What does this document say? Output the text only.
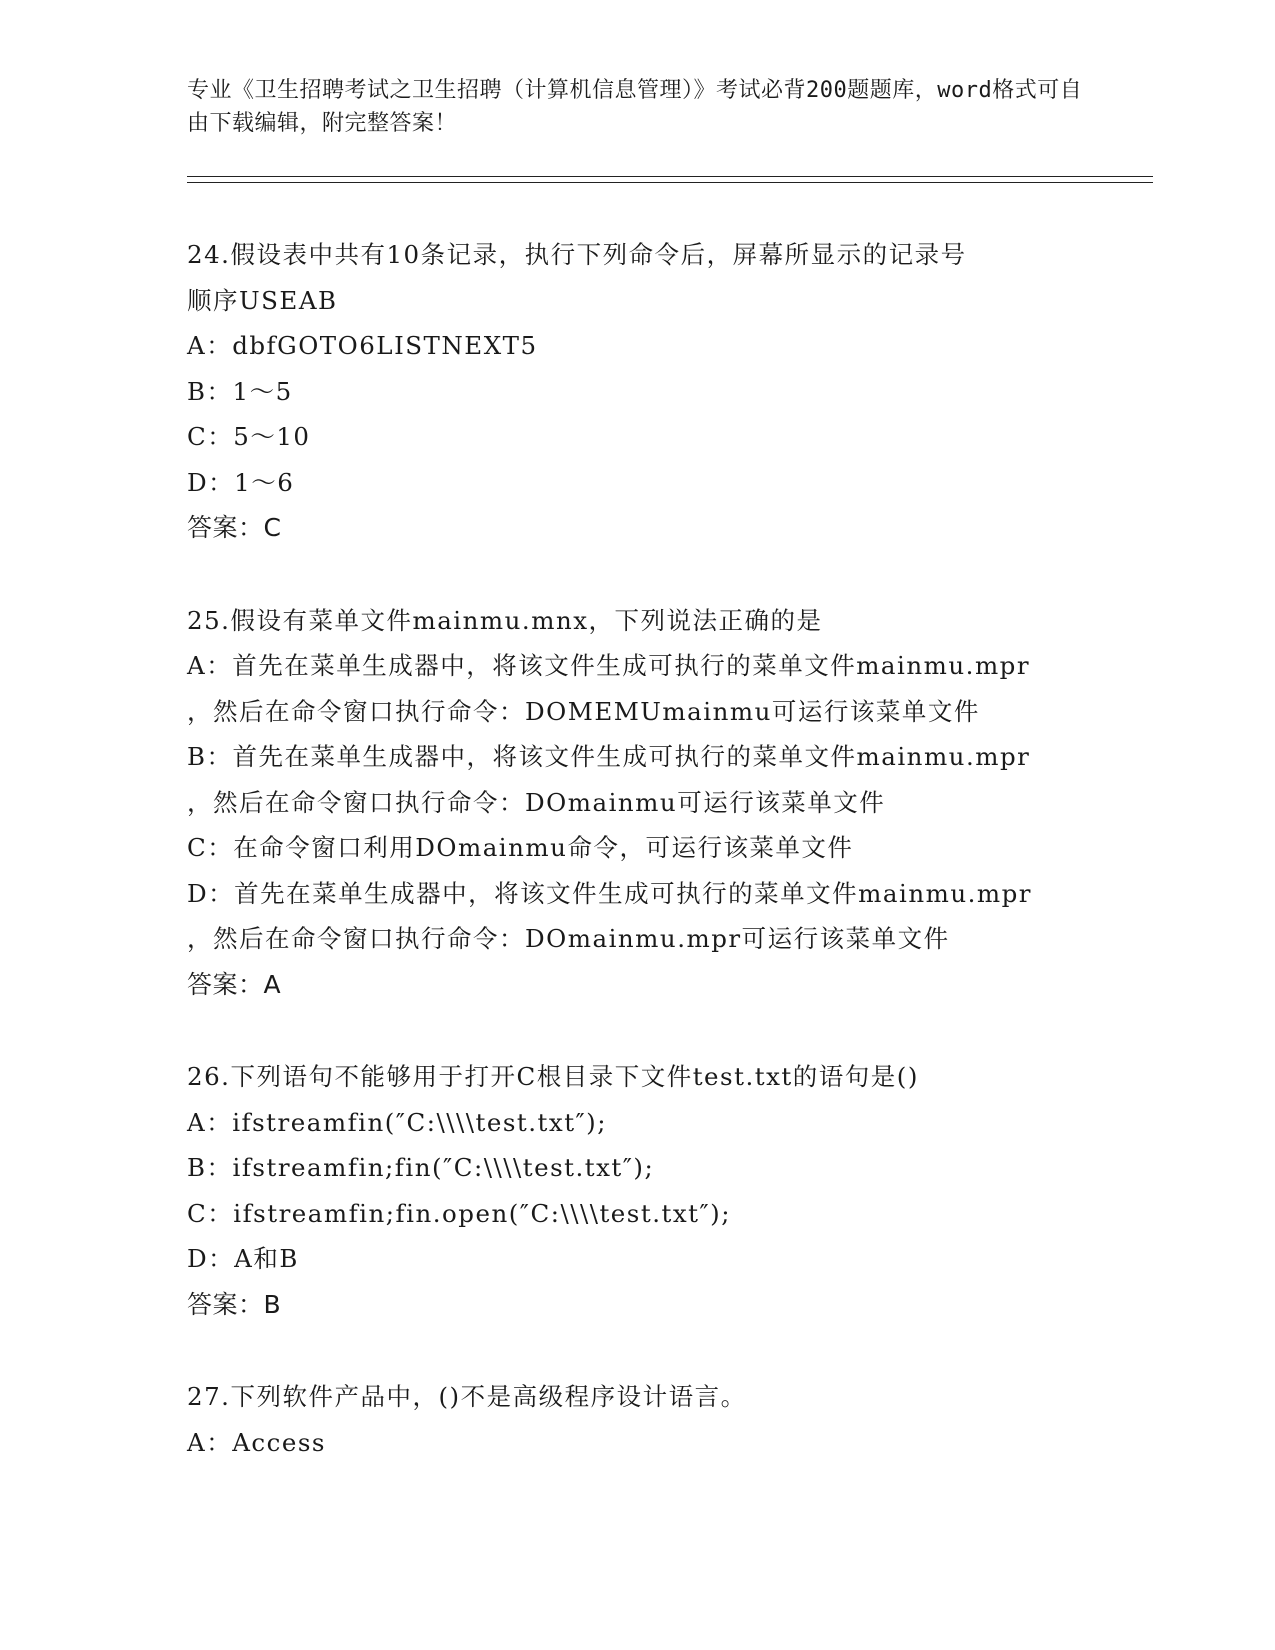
专业《卫生招聘考试之卫生招聘（计算机信息管理）》考试必背200题题库，word格式可自由下载编辑，附完整答案！

24.假设表中共有10条记录，执行下列命令后，屏幕所显示的记录号
顺序USEAB
A：dbfGOTO6LISTNEXT5
B：1～5
C：5～10
D：1～6
答案：C
25.假设有菜单文件mainmu.mnx，下列说法正确的是
A：首先在菜单生成器中，将该文件生成可执行的菜单文件mainmu.mpr
，然后在命令窗口执行命令：DOMEMUmainmu可运行该菜单文件
B：首先在菜单生成器中，将该文件生成可执行的菜单文件mainmu.mpr
，然后在命令窗口执行命令：DOmainmu可运行该菜单文件
C：在命令窗口利用DOmainmu命令，可运行该菜单文件
D：首先在菜单生成器中，将该文件生成可执行的菜单文件mainmu.mpr
，然后在命令窗口执行命令：DOmainmu.mpr可运行该菜单文件
答案：A
26.下列语句不能够用于打开C根目录下文件test.txt的语句是()
A：ifstreamfin(″C:\\\\test.txt″);
B：ifstreamfin;fin(″C:\\\\test.txt″);
C：ifstreamfin;fin.open(″C:\\\\test.txt″);
D：A和B
答案：B
27.下列软件产品中，()不是高级程序设计语言。
A：Access
